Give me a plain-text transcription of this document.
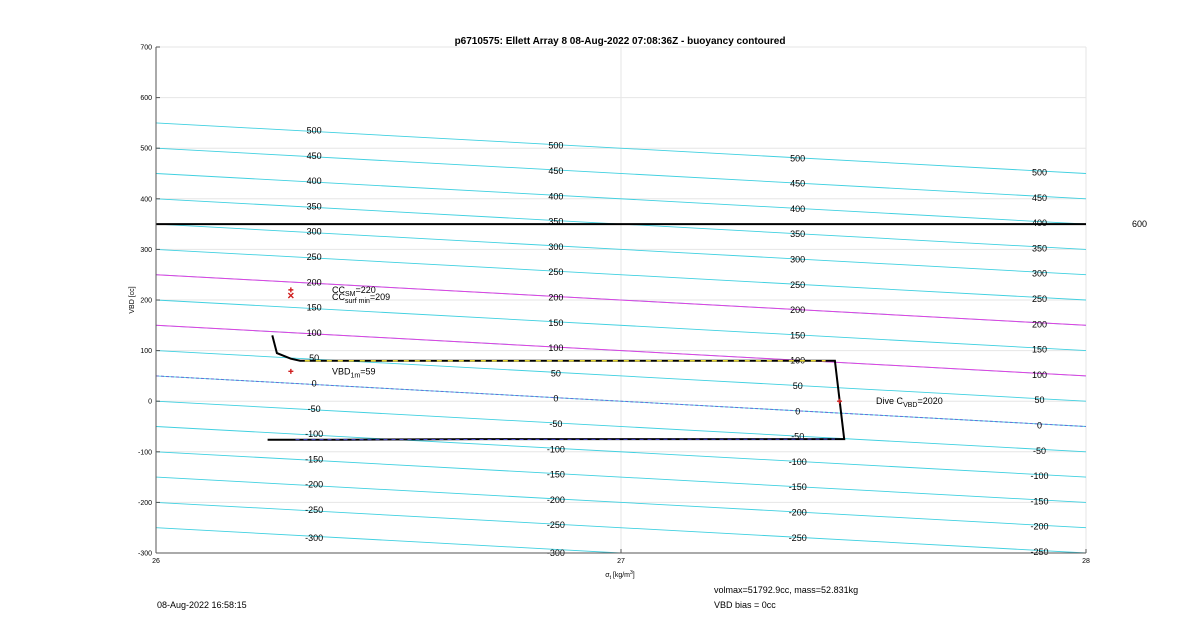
p6710575: Ellett Array 8 08-Aug-2022 07:08:36Z - buoyancy contoured
600
500
450
400
350
300
250
200
150
100
50
0
-50
-100
-150
-200
-250
-300
500
450
400
350
300
250
200
150
100
50
0
-50
-100
-150
-200
-250
-300
500
450
400
350
300
250
200
150
100
50
0
-50
-100
-150
-200
-250
500
450
400
350
300
250
200
150
100
50
0
-50
-100
-150
-200
-250
$CC_{SM}=220$
$CC_{surf min}=209$
$VBD_{1m}=59$
Dive $C_{VBD}=2020$
700
600
500
400
300
200
100
0
-100
-200
-300
26	27	28
VBD [cc]
$\sigma_t$ $[kg/m^3]$
08-Aug-2022 16:58:15
volmax=51792.9cc, mass=52.831kg
VBD bias = 0cc
